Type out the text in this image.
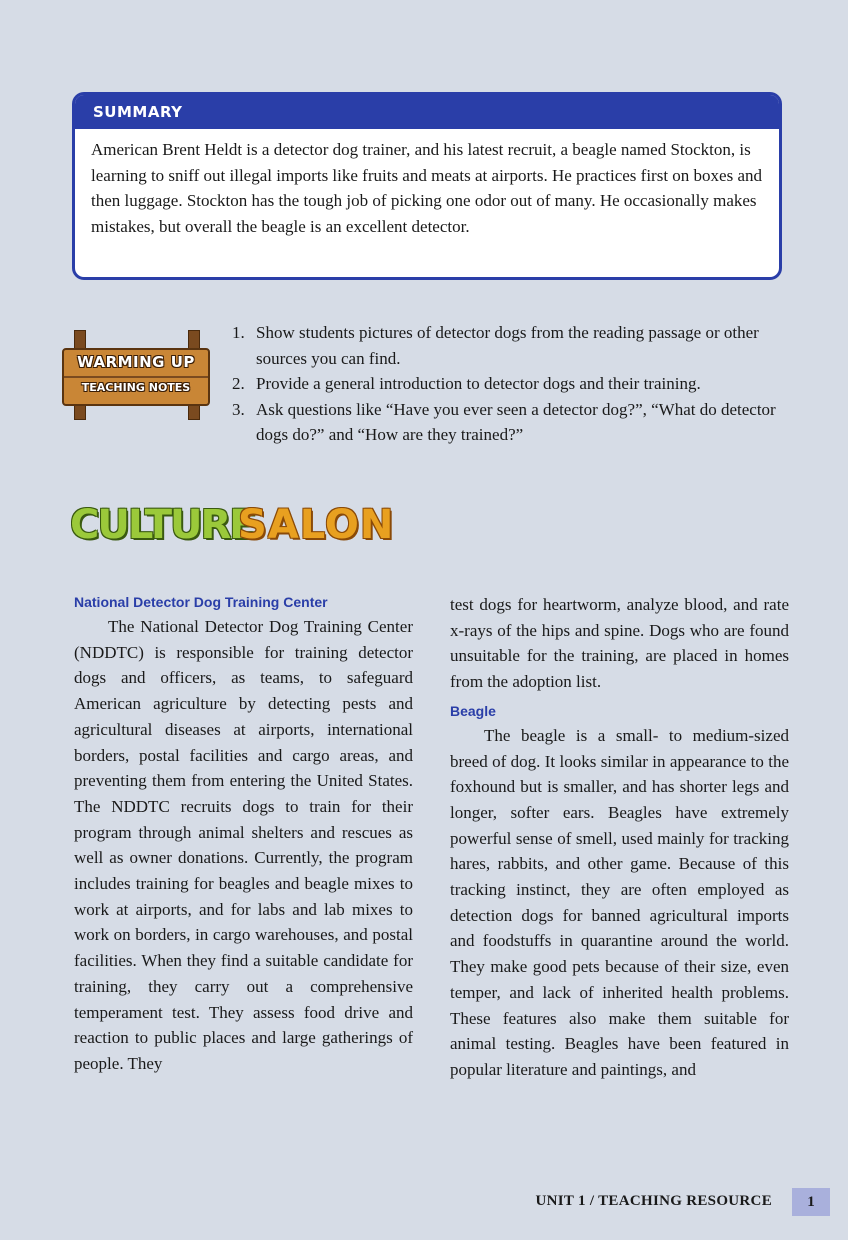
SUMMARY

American Brent Heldt is a detector dog trainer, and his latest recruit, a beagle named Stockton, is learning to sniff out illegal imports like fruits and meats at airports. He practices first on boxes and then luggage. Stockton has the tough job of picking one odor out of many. He occasionally makes mistakes, but overall the beagle is an excellent detector.

WARMING UP
TEACHING NOTES
1. Show students pictures of detector dogs from the reading passage or other sources you can find.
2. Provide a general introduction to detector dogs and their training.
3. Ask questions like “Have you ever seen a detector dog?”, “What do detector dogs do?” and “How are they trained?”
CULTURE
SALON
National Detector Dog Training Center

The National Detector Dog Training Center (NDDTC) is responsible for training detector dogs and officers, as teams, to safeguard American agriculture by detecting pests and agricultural diseases at airports, international borders, postal facilities and cargo areas, and preventing them from entering the United States. The NDDTC recruits dogs to train for their program through animal shelters and rescues as well as owner donations. Currently, the program includes training for beagles and beagle mixes to work at airports, and for labs and lab mixes to work on borders, in cargo warehouses, and postal facilities. When they find a suitable candidate for training, they carry out a comprehensive temperament test. They assess food drive and reaction to public places and large gatherings of people. They

test dogs for heartworm, analyze blood, and rate x-rays of the hips and spine. Dogs who are found unsuitable for the training, are placed in homes from the adoption list.

Beagle

The beagle is a small- to medium-sized breed of dog. It looks similar in appearance to the foxhound but is smaller, and has shorter legs and longer, softer ears. Beagles have extremely powerful sense of smell, used mainly for tracking hares, rabbits, and other game. Because of this tracking instinct, they are often employed as detection dogs for banned agricultural imports and foodstuffs in quarantine around the world. They make good pets because of their size, even temper, and lack of inherited health problems. These features also make them suitable for animal testing. Beagles have been featured in popular literature and paintings, and

UNIT 1 / TEACHING RESOURCE	1
